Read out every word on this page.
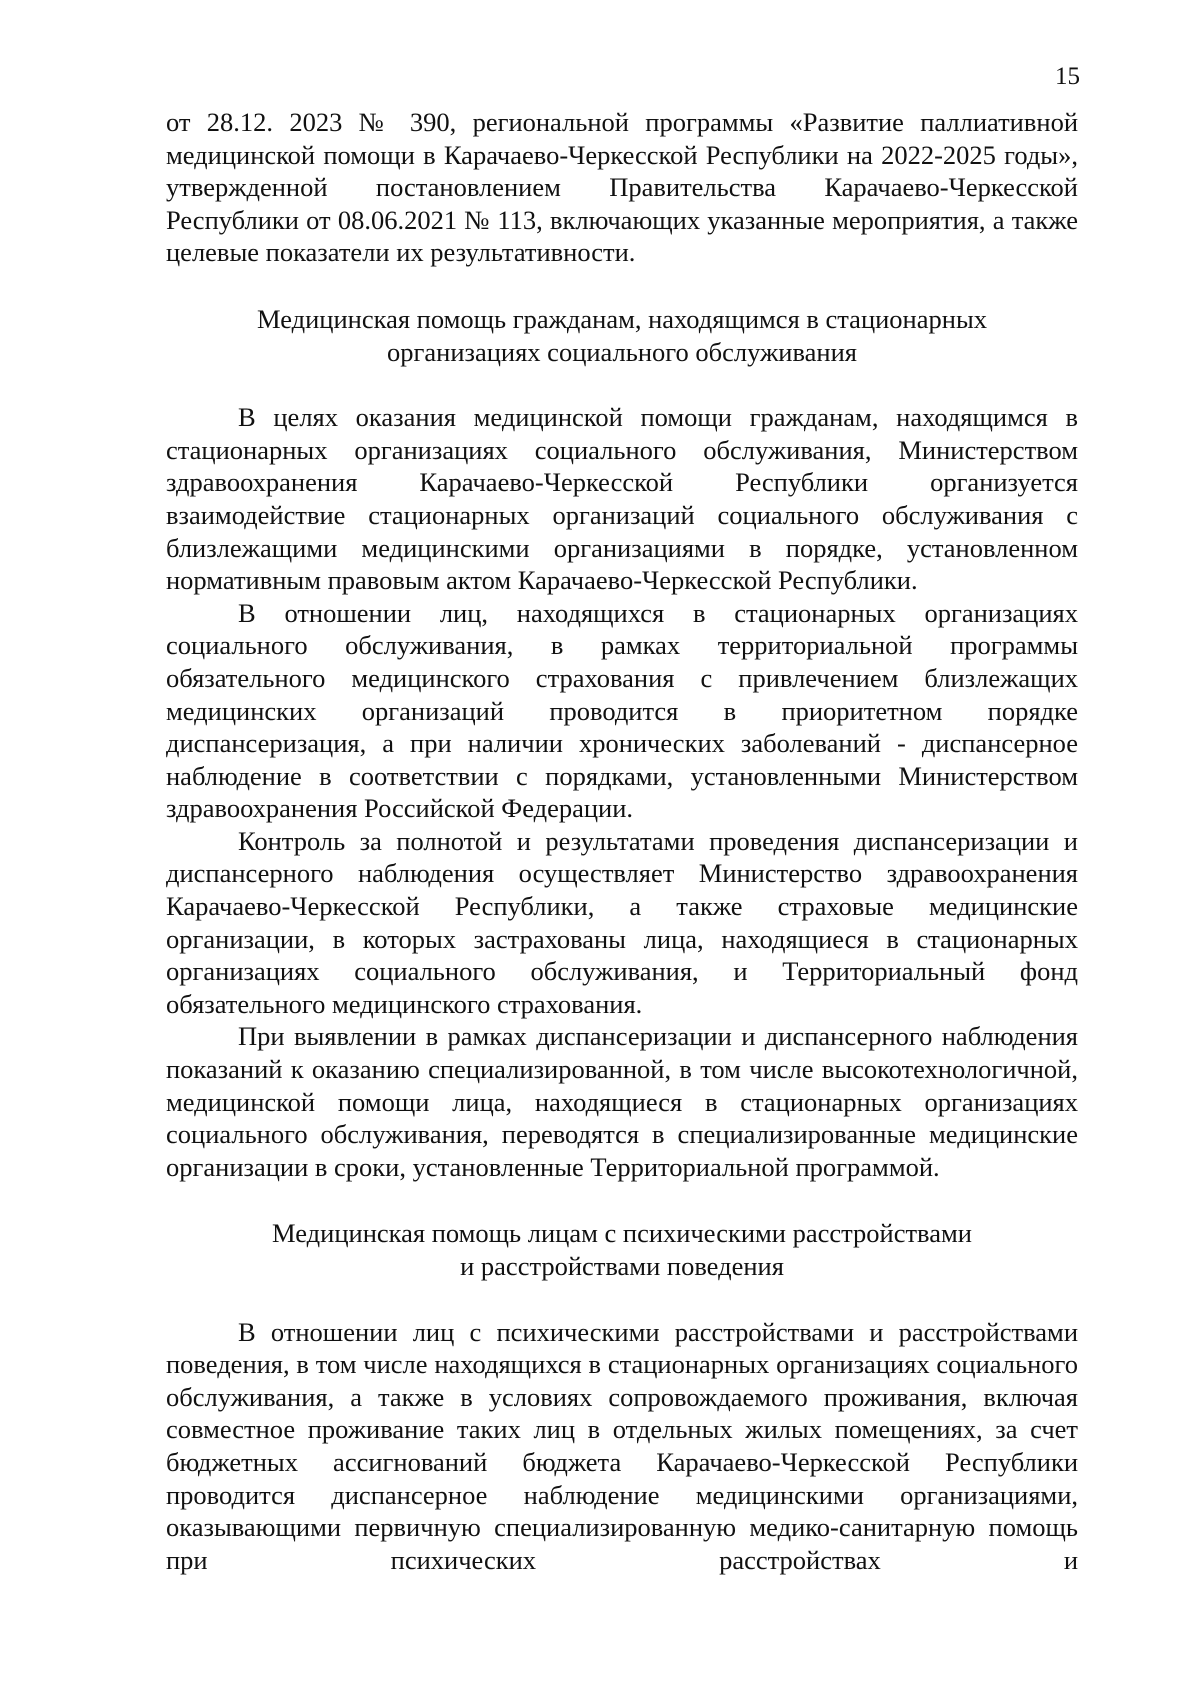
15

от 28.12. 2023 № 390, региональной программы «Развитие паллиативной медицинской помощи в Карачаево-Черкесской Республики на 2022-2025 годы», утвержденной постановлением Правительства Карачаево-Черкесской Республики от 08.06.2021 № 113, включающих указанные мероприятия, а также целевые показатели их результативности.

Медицинская помощь гражданам, находящимся в стационарных
организациях социального обслуживания

В целях оказания медицинской помощи гражданам, находящимся в стационарных организациях социального обслуживания, Министерством здравоохранения Карачаево-Черкесской Республики организуется взаимодействие стационарных организаций социального обслуживания с близлежащими медицинскими организациями в порядке, установленном нормативным правовым актом Карачаево-Черкесской Республики.

В отношении лиц, находящихся в стационарных организациях социального обслуживания, в рамках территориальной программы обязательного медицинского страхования с привлечением близлежащих медицинских организаций проводится в приоритетном порядке диспансеризация, а при наличии хронических заболеваний - диспансерное наблюдение в соответствии с порядками, установленными Министерством здравоохранения Российской Федерации.

Контроль за полнотой и результатами проведения диспансеризации и диспансерного наблюдения осуществляет Министерство здравоохранения Карачаево-Черкесской Республики, а также страховые медицинские организации, в которых застрахованы лица, находящиеся в стационарных организациях социального обслуживания, и Территориальный фонд обязательного медицинского страхования.

При выявлении в рамках диспансеризации и диспансерного наблюдения показаний к оказанию специализированной, в том числе высокотехнологичной, медицинской помощи лица, находящиеся в стационарных организациях социального обслуживания, переводятся в специализированные медицинские организации в сроки, установленные Территориальной программой.

Медицинская помощь лицам с психическими расстройствами
и расстройствами поведения

В отношении лиц с психическими расстройствами и расстройствами поведения, в том числе находящихся в стационарных организациях социального обслуживания, а также в условиях сопровождаемого проживания, включая совместное проживание таких лиц в отдельных жилых помещениях, за счет бюджетных ассигнований бюджета Карачаево-Черкесской Республики проводится диспансерное наблюдение медицинскими организациями, оказывающими первичную специализированную медико-санитарную помощь при психических расстройствах и
